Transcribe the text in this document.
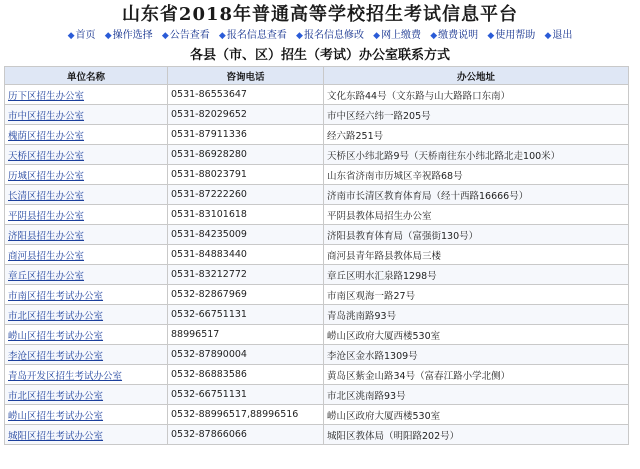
山东省2018年普通高等学校招生考试信息平台
◆首页 ◆操作选择 ◆公告查看 ◆报名信息查看 ◆报名信息修改 ◆网上缴费 ◆缴费说明 ◆使用帮助 ◆退出
各县（市、区）招生（考试）办公室联系方式
单位名称	咨询电话	办公地址
历下区招生办公室	0531-86553647	文化东路44号（文东路与山大路路口东南）
市中区招生办公室	0531-82029652	市中区经六纬一路205号
槐荫区招生办公室	0531-87911336	经六路251号
天桥区招生办公室	0531-86928280	天桥区小纬北路9号（天桥南往东小纬北路北走100米）
历城区招生办公室	0531-88023791	山东省济南市历城区辛祝路68号
长清区招生办公室	0531-87222260	济南市长清区教育体育局（经十西路16666号）
平阴县招生办公室	0531-83101618	平阴县教体局招生办公室
济阳县招生办公室	0531-84235009	济阳县教育体育局（富强街130号）
商河县招生办公室	0531-84883440	商河县青年路县教体局三楼
章丘区招生办公室	0531-83212772	章丘区明水汇泉路1298号
市南区招生考试办公室	0532-82867969	市南区观海一路27号
市北区招生考试办公室	0532-66751131	青岛洮南路93号
崂山区招生考试办公室	88996517	崂山区政府大厦西楼530室
李沧区招生考试办公室	0532-87890004	李沧区金水路1309号
青岛开发区招生考试办公室	0532-86883586	黄岛区紫金山路34号（富春江路小学北侧）
市北区招生考试办公室	0532-66751131	市北区洮南路93号
崂山区招生考试办公室	0532-88996517,88996516	崂山区政府大厦西楼530室
城阳区招生考试办公室	0532-87866066	城阳区教体局（明阳路202号）
